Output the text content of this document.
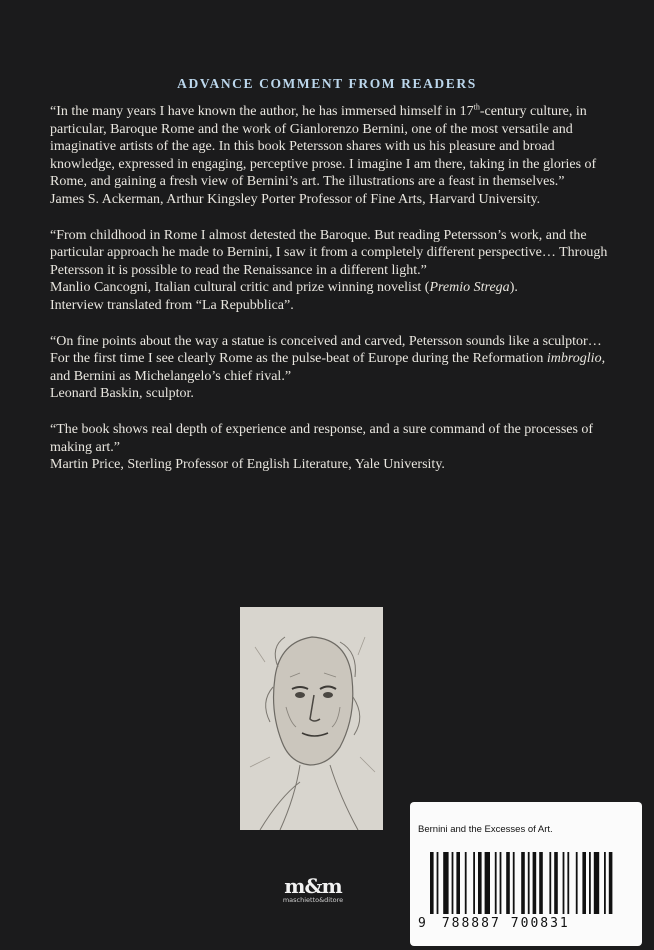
ADVANCE COMMENT FROM READERS

“In the many years I have known the author, he has immersed himself in 17th-century culture, in particular, Baroque Rome and the work of Gianlorenzo Bernini, one of the most versatile and imaginative artists of the age. In this book Petersson shares with us his pleasure and broad knowledge, expressed in engaging, perceptive prose. I imagine I am there, taking in the glories of Rome, and gaining a fresh view of Bernini’s art. The illustrations are a feast in themselves.”

James S. Ackerman, Arthur Kingsley Porter Professor of Fine Arts, Harvard University.

“From childhood in Rome I almost detested the Baroque. But reading Petersson’s work, and the particular approach he made to Bernini, I saw it from a completely different perspective… Through Petersson it is possible to read the Renaissance in a different light.”

Manlio Cancogni, Italian cultural critic and prize winning novelist (Premio Strega).

Interview translated from “La Repubblica”.

“On fine points about the way a statue is conceived and carved, Petersson sounds like a sculptor… For the first time I see clearly Rome as the pulse-beat of Europe during the Reformation imbroglio, and Bernini as Michelangelo’s chief rival.”

Leonard Baskin, sculptor.

“The book shows real depth of experience and response, and a sure command of the processes of making art.”

Martin Price, Sterling Professor of English Literature, Yale University.

m&m
maschietto&ditore
Bernini and the Excesses of Art.
9 788887 700831
